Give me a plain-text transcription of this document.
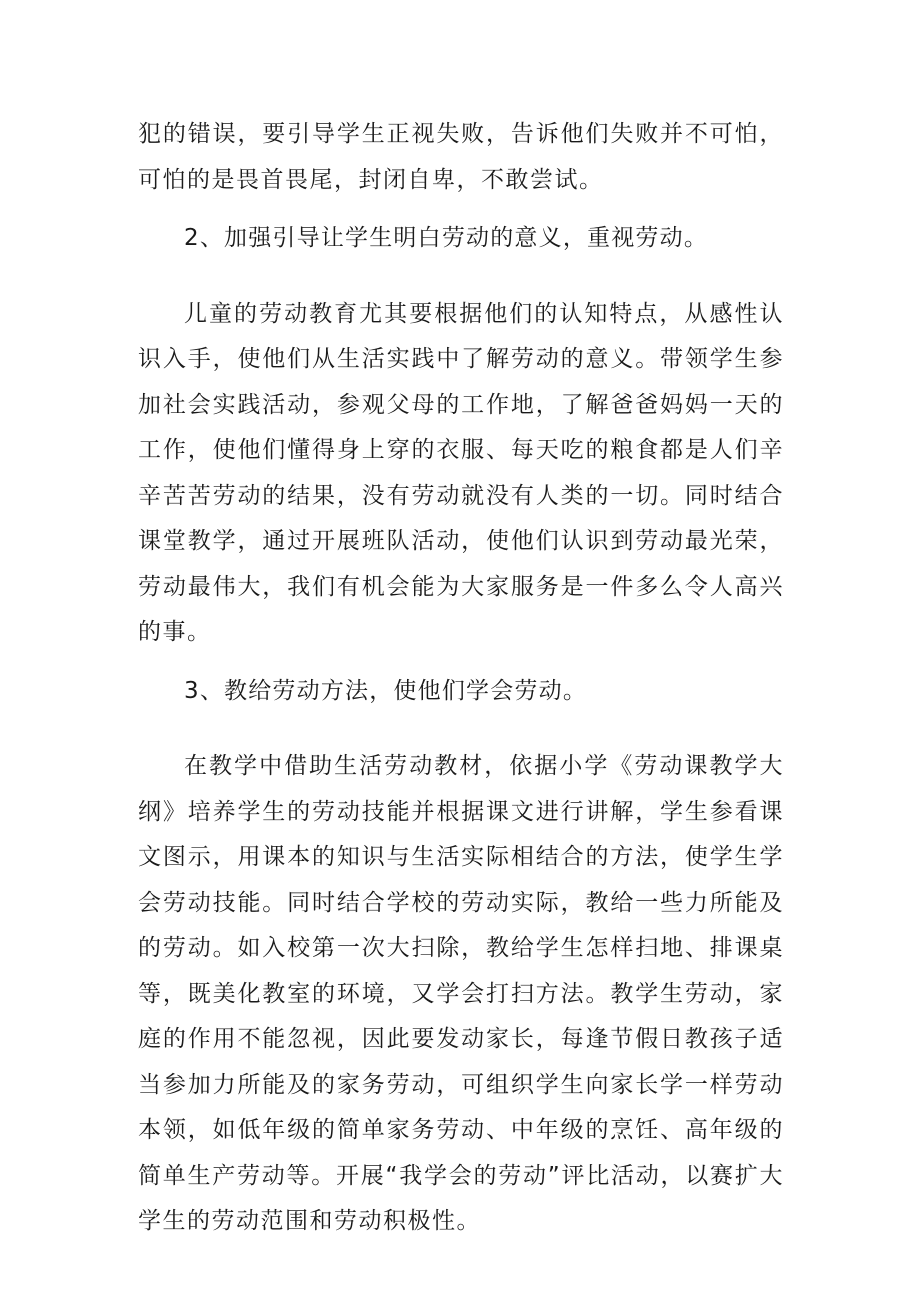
犯的错误，要引导学生正视失败，告诉他们失败并不可怕，可怕的是畏首畏尾，封闭自卑，不敢尝试。

2、加强引导让学生明白劳动的意义，重视劳动。

儿童的劳动教育尤其要根据他们的认知特点，从感性认识入手，使他们从生活实践中了解劳动的意义。带领学生参加社会实践活动，参观父母的工作地，了解爸爸妈妈一天的工作，使他们懂得身上穿的衣服、每天吃的粮食都是人们辛辛苦苦劳动的结果，没有劳动就没有人类的一切。同时结合课堂教学，通过开展班队活动，使他们认识到劳动最光荣，劳动最伟大，我们有机会能为大家服务是一件多么令人高兴的事。

3、教给劳动方法，使他们学会劳动。

在教学中借助生活劳动教材，依据小学《劳动课教学大纲》培养学生的劳动技能并根据课文进行讲解，学生参看课文图示，用课本的知识与生活实际相结合的方法，使学生学会劳动技能。同时结合学校的劳动实际，教给一些力所能及的劳动。如入校第一次大扫除，教给学生怎样扫地、排课桌等，既美化教室的环境，又学会打扫方法。教学生劳动，家庭的作用不能忽视，因此要发动家长，每逢节假日教孩子适当参加力所能及的家务劳动，可组织学生向家长学一样劳动本领，如低年级的简单家务劳动、中年级的烹饪、高年级的简单生产劳动等。开展“我学会的劳动”评比活动，以赛扩大学生的劳动范围和劳动积极性。
